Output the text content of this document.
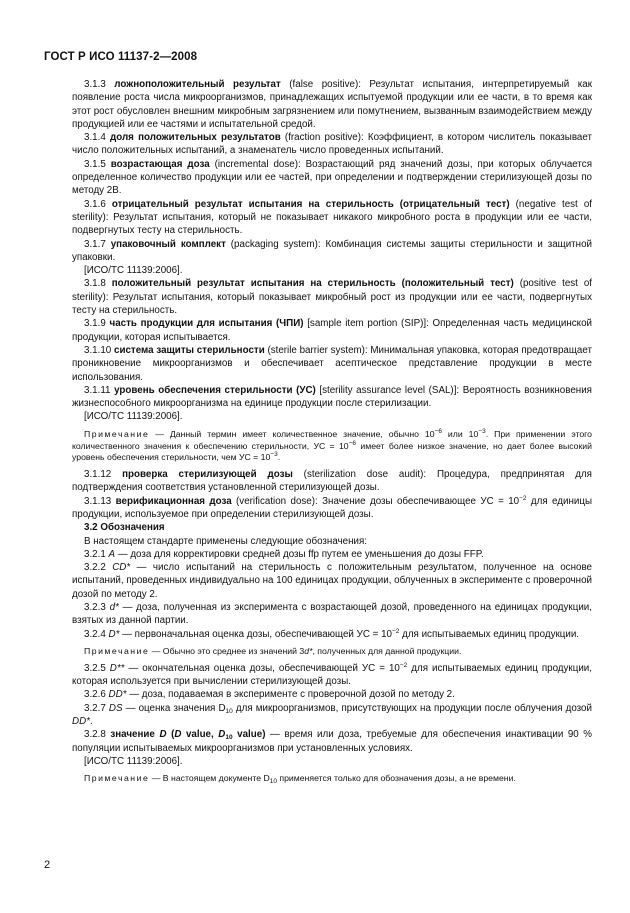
ГОСТ Р ИСО 11137-2—2008

3.1.3 ложноположительный результат (false positive): Результат испытания, интерпретируемый как появление роста числа микроорганизмов, принадлежащих испытуемой продукции или ее части, в то время как этот рост обусловлен внешним микробным загрязнением или помутнением, вызванным взаимодействием между продукцией или ее частями и испытательной средой.

3.1.4 доля положительных результатов (fraction positive): Коэффициент, в котором числитель показывает число положительных испытаний, а знаменатель число проведенных испытаний.

3.1.5 возрастающая доза (incremental dose): Возрастающий ряд значений дозы, при которых облучается определенное количество продукции или ее частей, при определении и подтверждении стерилизующей дозы по методу 2В.

3.1.6 отрицательный результат испытания на стерильность (отрицательный тест) (negative test of sterility): Результат испытания, который не показывает никакого микробного роста в продукции или ее части, подвергнутых тесту на стерильность.

3.1.7 упаковочный комплект (packaging system): Комбинация системы защиты стерильности и защитной упаковки.

[ИСО/ТС 11139:2006].

3.1.8 положительный результат испытания на стерильность (положительный тест) (positive test of sterility): Результат испытания, который показывает микробный рост из продукции или ее части, подвергнутых тесту на стерильность.

3.1.9 часть продукции для испытания (ЧПИ) [sample item portion (SIP)]: Определенная часть медицинской продукции, которая испытывается.

3.1.10 система защиты стерильности (sterile barrier system): Минимальная упаковка, которая предотвращает проникновение микроорганизмов и обеспечивает асептическое представление продукции в месте использования.

3.1.11 уровень обеспечения стерильности (УС) [sterility assurance level (SAL)]: Вероятность возникновения жизнеспособного микроорганизма на единице продукции после стерилизации.

[ИСО/ТС 11139:2006].

Примечание — Данный термин имеет количественное значение, обычно $10^{-6}$ или $10^{-3}$. При применении этого количественного значения к обеспечению стерильности, УС = $10^{-6}$ имеет более низкое значение, но дает более высокий уровень обеспечения стерильности, чем УС = $10^{-3}$.

3.1.12 проверка стерилизующей дозы (sterilization dose audit): Процедура, предпринятая для подтверждения соответствия установленной стерилизующей дозы.

3.1.13 верификационная доза (verification dose): Значение дозы обеспечивающее УС = $10^{-2}$ для единицы продукции, используемое при определении стерилизующей дозы.

3.2 Обозначения

В настоящем стандарте применены следующие обозначения:

3.2.1 A — доза для корректировки средней дозы ffp путем ее уменьшения до дозы FFP.

3.2.2 CD* — число испытаний на стерильность с положительным результатом, полученное на основе испытаний, проведенных индивидуально на 100 единицах продукции, облученных в эксперименте с проверочной дозой по методу 2.

3.2.3 d* — доза, полученная из эксперимента с возрастающей дозой, проведенного на единицах продукции, взятых из данной партии.

3.2.4 D* — первоначальная оценка дозы, обеспечивающей УС = $10^{-2}$ для испытываемых единиц продукции.

Примечание — Обычно это среднее из значений 3d*, полученных для данной продукции.

3.2.5 D** — окончательная оценка дозы, обеспечивающей УС = $10^{-2}$ для испытываемых единиц продукции, которая используется при вычислении стерилизующей дозы.

3.2.6 DD* — доза, подаваемая в эксперименте с проверочной дозой по методу 2.

3.2.7 DS — оценка значения $D_{10}$ для микроорганизмов, присутствующих на продукции после облучения дозой DD*.

3.2.8 значение D (D value, $D_{10}$ value) — время или доза, требуемые для обеспечения инактивации 90 % популяции испытываемых микроорганизмов при установленных условиях.

[ИСО/ТС 11139:2006].

Примечание — В настоящем документе $D_{10}$ применяется только для обозначения дозы, а не времени.

2
